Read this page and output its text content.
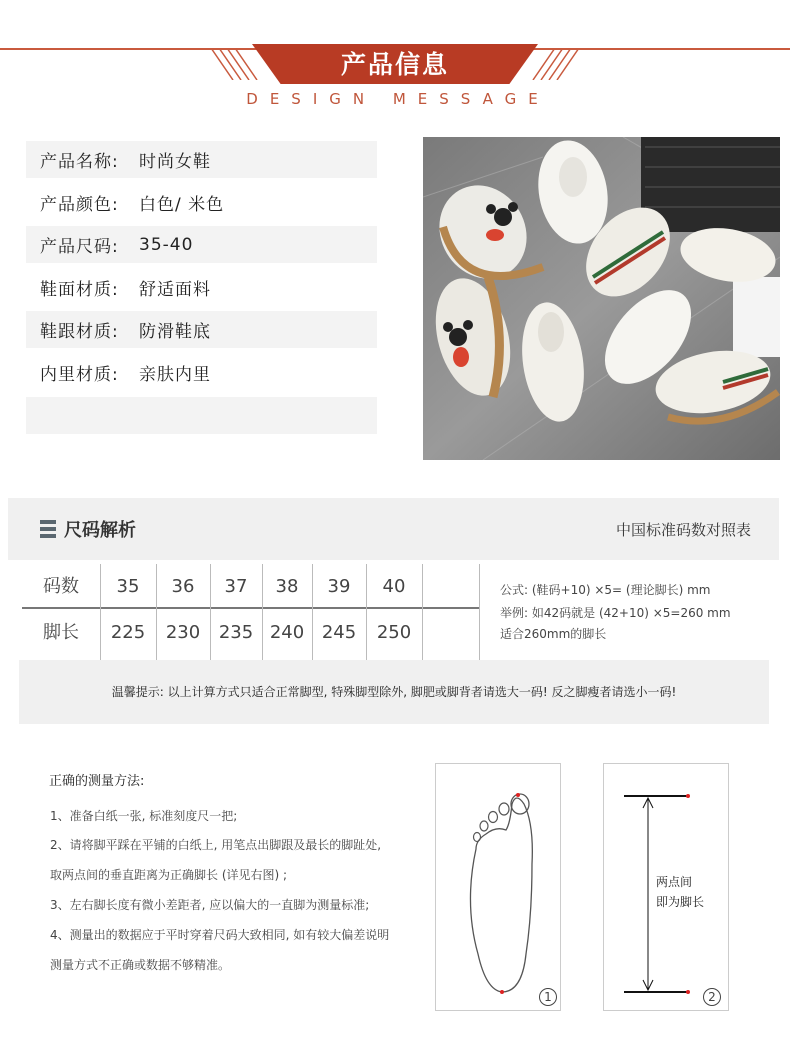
产品信息
DESIGN MESSAGE
产品名称:	时尚女鞋
产品颜色:	白色/ 米色
产品尺码:	35-40
鞋面材质:	舒适面料
鞋跟材质:	防滑鞋底
内里材质:	亲肤内里
尺码解析	中国标准码数对照表
码数	35	36	37	38	39	40
脚长	225	230	235 240 245	250
公式: (鞋码+10) ×5= (理论脚长) mm
举例: 如42码就是 (42+10) ×5=260 mm
适合260mm的脚长
温馨提示: 以上计算方式只适合正常脚型, 特殊脚型除外, 脚肥或脚背者请选大一码! 反之脚瘦者请选小一码!
正确的测量方法:
1、准备白纸一张, 标准刻度尺一把;
2、请将脚平踩在平铺的白纸上, 用笔点出脚跟及最长的脚趾处,
取两点间的垂直距离为正确脚长 (详见右图) ;
3、左右脚长度有微小差距者, 应以偏大的一直脚为测量标准;
4、测量出的数据应于平时穿着尺码大致相同, 如有较大偏差说明
测量方式不正确或数据不够精准。
1	2
两点间
即为脚长
